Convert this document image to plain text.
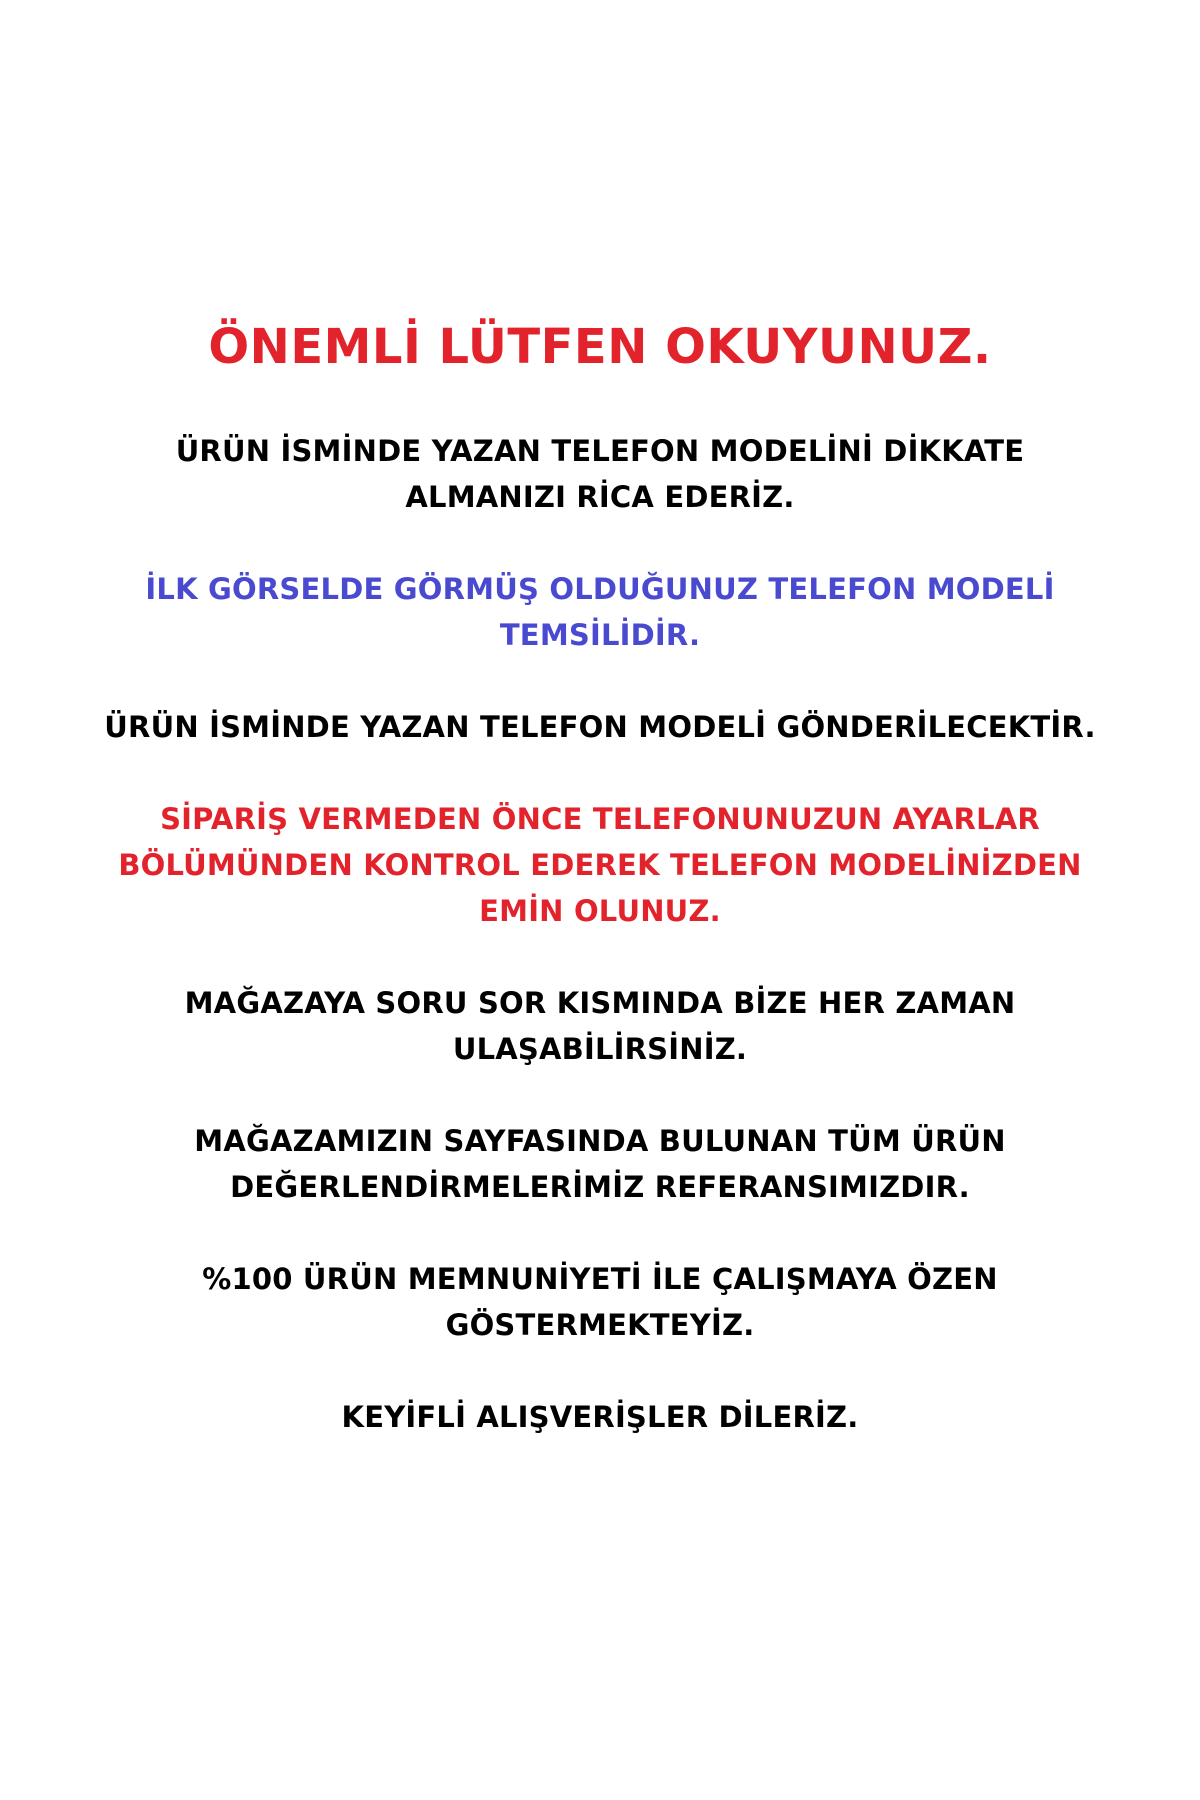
ÖNEMLİ LÜTFEN OKUYUNUZ.
ÜRÜN İSMİNDE YAZAN TELEFON MODELİNİ DİKKATE
ALMANIZI RİCA EDERİZ.
İLK GÖRSELDE GÖRMÜŞ OLDUĞUNUZ TELEFON MODELİ
TEMSİLİDİR.
ÜRÜN İSMİNDE YAZAN TELEFON MODELİ GÖNDERİLECEKTİR.
SİPARİŞ VERMEDEN ÖNCE TELEFONUNUZUN AYARLAR
BÖLÜMÜNDEN KONTROL EDEREK TELEFON MODELİNİZDEN
EMİN OLUNUZ.
MAĞAZAYA SORU SOR KISMINDA BİZE HER ZAMAN
ULAŞABİLİRSİNİZ.
MAĞAZAMIZIN SAYFASINDA BULUNAN TÜM ÜRÜN
DEĞERLENDİRMELERİMİZ REFERANSIMIZDIR.
%100 ÜRÜN MEMNUNİYETİ İLE ÇALIŞMAYA ÖZEN
GÖSTERMEKTEYİZ.
KEYİFLİ ALIŞVERİŞLER DİLERİZ.
